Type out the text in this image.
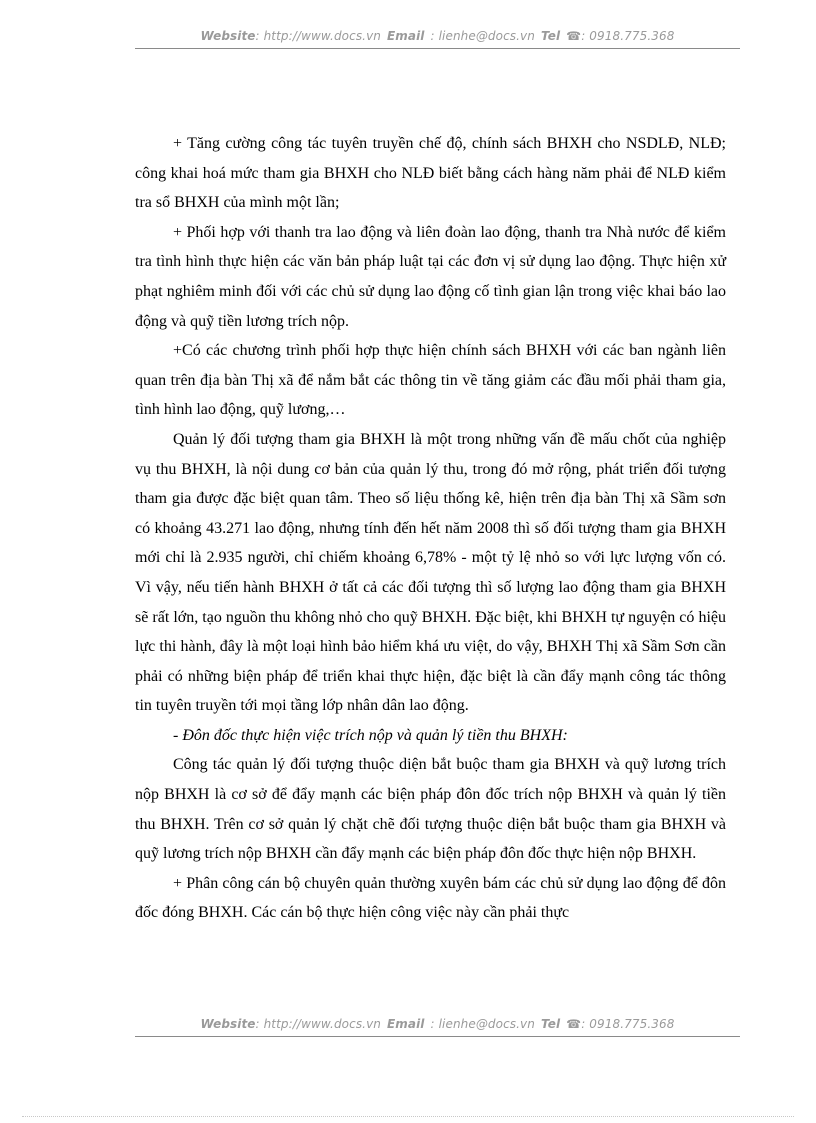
Website: http://www.docs.vn Email : lienhe@docs.vn Tel ☎: 0918.775.368

+ Tăng cường công tác tuyên truyền chế độ, chính sách BHXH cho NSDLĐ, NLĐ; công khai hoá mức tham gia BHXH cho NLĐ biết bằng cách hàng năm phải để NLĐ kiểm tra sổ BHXH của mình một lần;

+ Phối hợp với thanh tra lao động và liên đoàn lao động, thanh tra Nhà nước để kiểm tra tình hình thực hiện các văn bản pháp luật tại các đơn vị sử dụng lao động. Thực hiện xử phạt nghiêm minh đối với các chủ sử dụng lao động cố tình gian lận trong việc khai báo lao động và quỹ tiền lương trích nộp.

+Có các chương trình phối hợp thực hiện chính sách BHXH với các ban ngành liên quan trên địa bàn Thị xã để nắm bắt các thông tin về tăng giảm các đầu mối phải tham gia, tình hình lao động, quỹ lương,…

Quản lý đối tượng tham gia BHXH là một trong những vấn đề mấu chốt của nghiệp vụ thu BHXH, là nội dung cơ bản của quản lý thu, trong đó mở rộng, phát triển đối tượng tham gia được đặc biệt quan tâm. Theo số liệu thống kê, hiện trên địa bàn Thị xã Sầm sơn có khoảng 43.271 lao động, nhưng tính đến hết năm 2008 thì số đối tượng tham gia BHXH mới chỉ là 2.935 người, chỉ chiếm khoảng 6,78% - một tỷ lệ nhỏ so với lực lượng vốn có. Vì vậy, nếu tiến hành BHXH ở tất cả các đối tượng thì số lượng lao động tham gia BHXH sẽ rất lớn, tạo nguồn thu không nhỏ cho quỹ BHXH. Đặc biệt, khi BHXH tự nguyện có hiệu lực thi hành, đây là một loại hình bảo hiểm khá ưu việt, do vậy, BHXH Thị xã Sầm Sơn cần phải có những biện pháp để triển khai thực hiện, đặc biệt là cần đẩy mạnh công tác thông tin tuyên truyền tới mọi tầng lớp nhân dân lao động.

- Đôn đốc thực hiện việc trích nộp và quản lý tiền thu BHXH:

Công tác quản lý đối tượng thuộc diện bắt buộc tham gia BHXH và quỹ lương trích nộp BHXH là cơ sở để đẩy mạnh các biện pháp đôn đốc trích nộp BHXH và quản lý tiền thu BHXH. Trên cơ sở quản lý chặt chẽ đối tượng thuộc diện bắt buộc tham gia BHXH và quỹ lương trích nộp BHXH cần đẩy mạnh các biện pháp đôn đốc thực hiện nộp BHXH.

+ Phân công cán bộ chuyên quản thường xuyên bám các chủ sử dụng lao động để đôn đốc đóng BHXH. Các cán bộ thực hiện công việc này cần phải thực

Website: http://www.docs.vn Email : lienhe@docs.vn Tel ☎: 0918.775.368
